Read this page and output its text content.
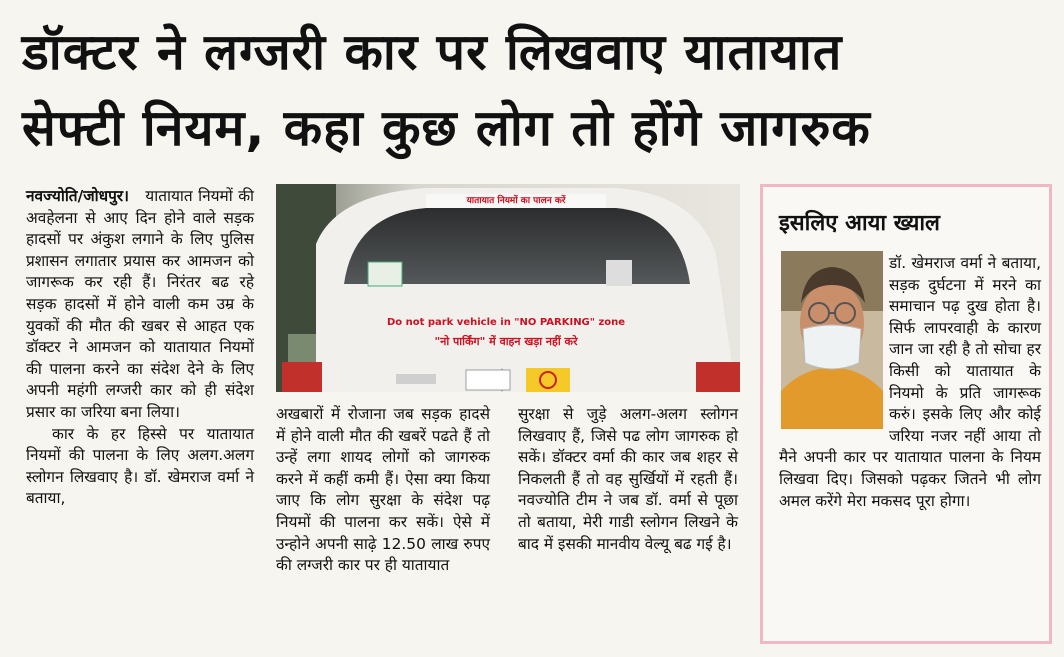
डॉक्टर ने लग्जरी कार पर लिखवाए यातायात
सेफ्टी नियम, कहा कुछ लोग तो होंगे जागरुक

नवज्योति/जोधपुर। यातायात नियमों की अवहेलना से आए दिन होने वाले सड़क हादसों पर अंकुश लगाने के लिए पुलिस प्रशासन लगातार प्रयास कर आमजन को जागरूक कर रही हैं। निरंतर बढ रहे सड़क हादसों में होने वाली कम उम्र के युवकों की मौत की खबर से आहत एक डॉक्टर ने आमजन को यातायात नियमों की पालना करने का संदेश देने के लिए अपनी महंगी लग्जरी कार को ही संदेश प्रसार का जरिया बना लिया।

कार के हर हिस्से पर यातायात नियमों की पालना के लिए अलग.अलग स्लोगन लिखवाए है। डॉ. खेमराज वर्मा ने बताया,

यातायात नियमों का पालन करें
Do not park vehicle in "NO PARKING" zone
"नो पार्किंग" में वाहन खड़ा नहीं करे

अखबारों में रोजाना जब सड़क हादसे में होने वाली मौत की खबरें पढते हैं तो उन्हें लगा शायद लोगों को जागरुक करने में कहीं कमी हैं। ऐसा क्या किया जाए कि लोग सुरक्षा के संदेश पढ़ नियमों की पालना कर सकें। ऐसे में उन्होने अपनी साढ़े 12.50 लाख रुपए की लग्जरी कार पर ही यातायात

सुरक्षा से जुड़े अलग-अलग स्लोगन लिखवाए हैं, जिसे पढ लोग जागरुक हो सकें। डॉक्टर वर्मा की कार जब शहर से निकलती हैं तो वह सुर्खियों में रहती हैं। नवज्योति टीम ने जब डॉ. वर्मा से पूछा तो बताया, मेरी गाडी स्लोगन लिखने के बाद में इसकी मानवीय वेल्यू बढ गई है।

इसलिए आया ख्याल

डॉ. खेमराज वर्मा ने बताया, सड़क दुर्घटना में मरने का समाचान पढ़ दुख होता है। सिर्फ लापरवाही के कारण जान जा रही है तो सोचा हर किसी को यातायात के नियमो के प्रति जागरूक करुं। इसके लिए और कोई जरिया नजर नहीं आया तो मैने अपनी कार पर यातायात पालना के नियम लिखवा दिए। जिसको पढ़कर जितने भी लोग अमल करेंगे मेरा मकसद पूरा होगा।
